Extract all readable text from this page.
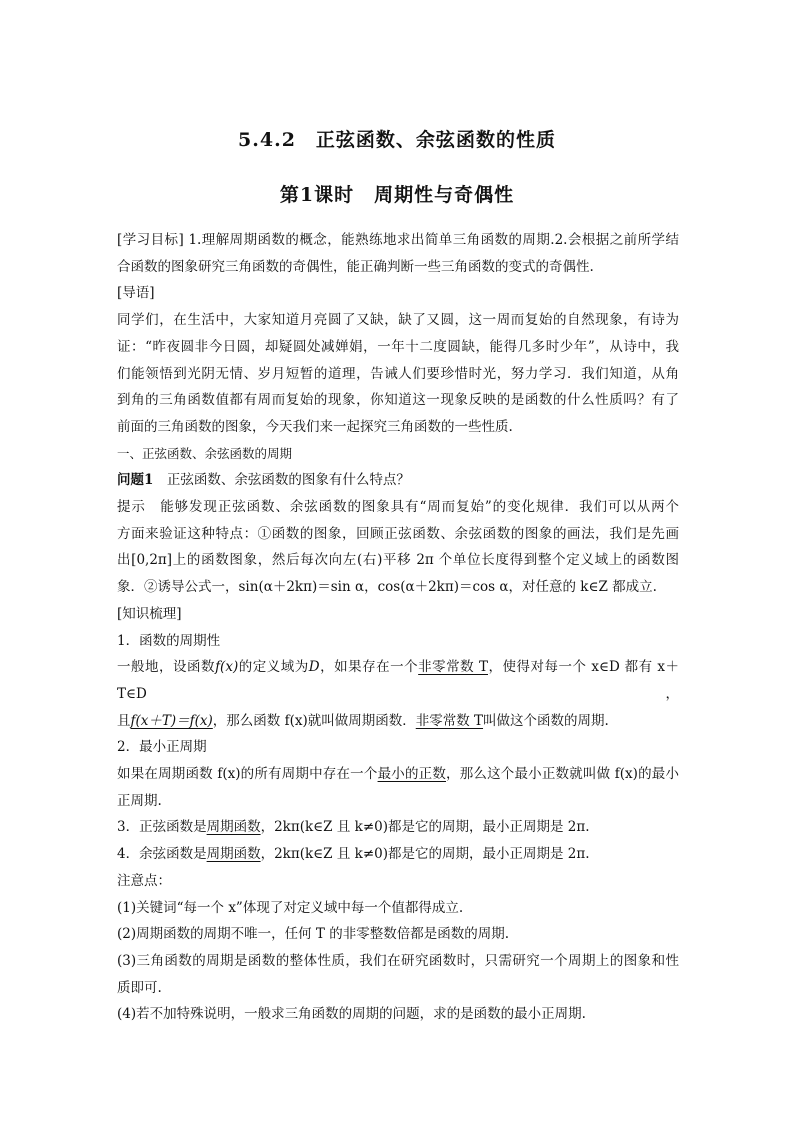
5.4.2　正弦函数、余弦函数的性质
第1课时　周期性与奇偶性

[学习目标] 1.理解周期函数的概念，能熟练地求出简单三角函数的周期.2.会根据之前所学结

合函数的图象研究三角函数的奇偶性，能正确判断一些三角函数的变式的奇偶性.

[导语]

同学们，在生活中，大家知道月亮圆了又缺，缺了又圆，这一周而复始的自然现象，有诗为

证：“昨夜圆非今日圆，却疑圆处减婵娟，一年十二度圆缺，能得几多时少年”，从诗中，我

们能领悟到光阴无情、岁月短暂的道理，告诫人们要珍惜时光，努力学习．我们知道，从角

到角的三角函数值都有周而复始的现象，你知道这一现象反映的是函数的什么性质吗？有了

前面的三角函数的图象，今天我们来一起探究三角函数的一些性质.

一、正弦函数、余弦函数的周期

问题1　 正弦函数、余弦函数的图象有什么特点？

提示　 能够发现正弦函数、余弦函数的图象具有“周而复始”的变化规律．我们可以从两个

方面来验证这种特点：①函数的图象，回顾正弦函数、余弦函数的图象的画法，我们是先画

出[0,2π]上的函数图象，然后每次向左(右)平移 2π 个单位长度得到整个定义域上的函数图

象．②诱导公式一，sin(α＋2kπ)＝sin α，cos(α＋2kπ)＝cos α，对任意的 k∈Z 都成立.

[知识梳理]

1．函数的周期性

一般地，设函数f(x)的定义域为D，如果存在一个非零常数 T，使得对每一个 x∈D 都有 x＋T∈D，

且f(x＋T)＝f(x)，那么函数 f(x)就叫做周期函数．非零常数 T叫做这个函数的周期.

2．最小正周期

如果在周期函数 f(x)的所有周期中存在一个最小的正数，那么这个最小正数就叫做 f(x)的最小

正周期.

3．正弦函数是周期函数，2kπ(k∈Z 且 k≠0)都是它的周期，最小正周期是 2π.

4．余弦函数是周期函数，2kπ(k∈Z 且 k≠0)都是它的周期，最小正周期是 2π.

注意点：

(1)关键词“每一个 x”体现了对定义域中每一个值都得成立.

(2)周期函数的周期不唯一，任何 T 的非零整数倍都是函数的周期.

(3)三角函数的周期是函数的整体性质，我们在研究函数时，只需研究一个周期上的图象和性

质即可.

(4)若不加特殊说明，一般求三角函数的周期的问题，求的是函数的最小正周期.
